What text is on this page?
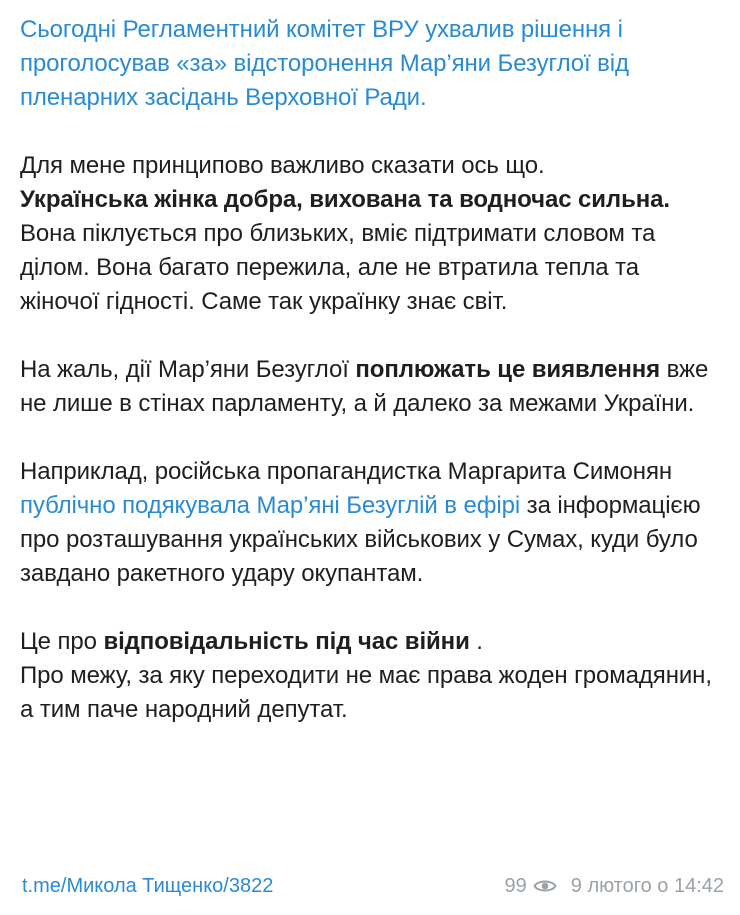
Сьогодні Регламентний комітет ВРУ ухвалив рішення і проголосував «за» відсторонення Мар’яни Безуглої від пленарних засідань Верховної Ради.

Для мене принципово важливо сказати ось що.
Українська жінка добра, вихована та водночас сильна. Вона піклується про близьких, вміє підтримати словом та ділом. Вона багато пережила, але не втратила тепла та жіночої гідності. Саме так українку знає світ.

На жаль, дії Мар’яни Безуглої поплюжать це виявлення вже не лише в стінах парламенту, а й далеко за межами України.

Наприклад, російська пропагандистка Маргарита Симонян публічно подякувала Мар’яні Безуглій в ефірі за інформацією про розташування українських військових у Сумах, куди було завдано ракетного удару окупантам.

Це про відповідальність під час війни .
Про межу, за яку переходити не має права жоден громадянин, а тим паче народний депутат.

t.me/Микола Тищенко/3822	99 9 лютого о 14:42
